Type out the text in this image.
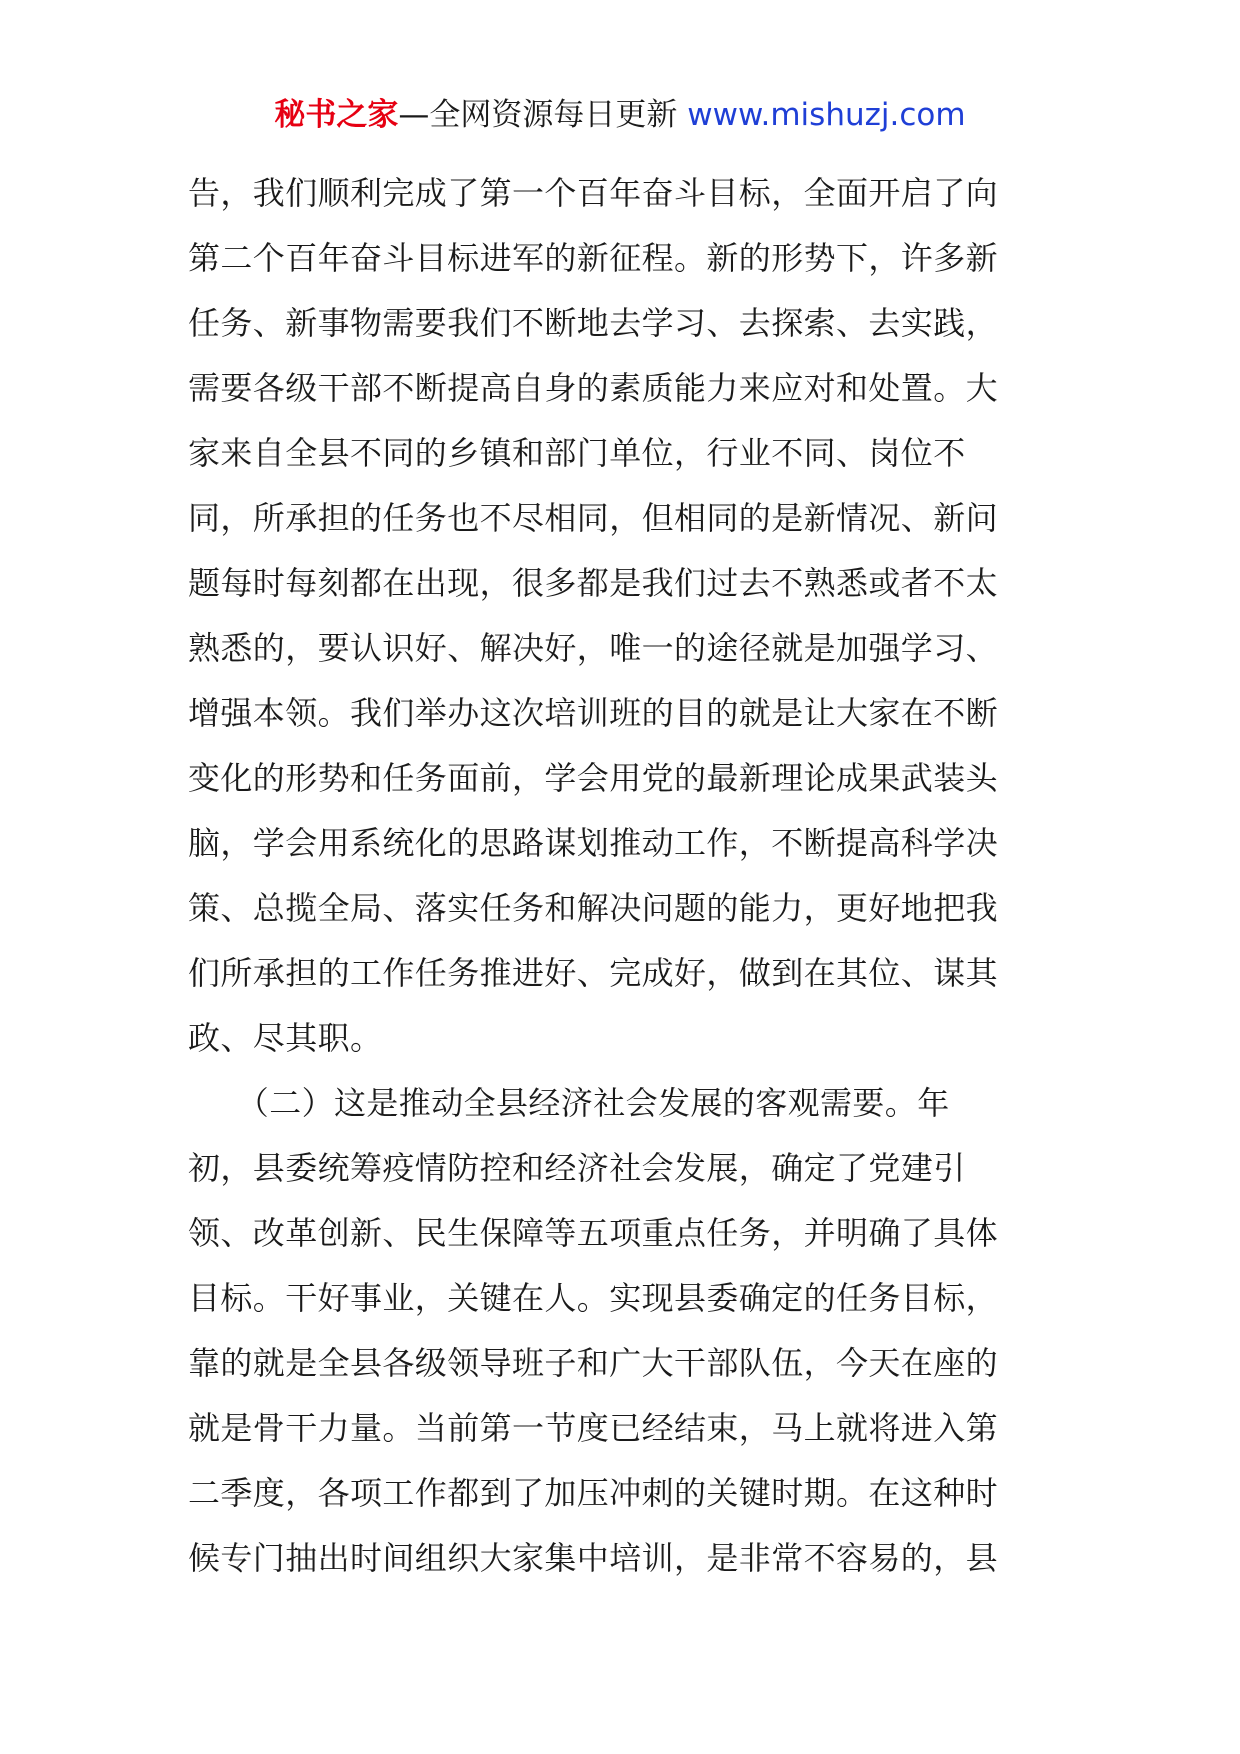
秘书之家—全网资源每日更新 www.mishuzj.com
告，我们顺利完成了第一个百年奋斗目标，全面开启了向
第二个百年奋斗目标进军的新征程。新的形势下，许多新
任务、新事物需要我们不断地去学习、去探索、去实践，
需要各级干部不断提高自身的素质能力来应对和处置。大
家来自全县不同的乡镇和部门单位，行业不同、岗位不
同，所承担的任务也不尽相同，但相同的是新情况、新问
题每时每刻都在出现，很多都是我们过去不熟悉或者不太
熟悉的，要认识好、解决好，唯一的途径就是加强学习、
增强本领。我们举办这次培训班的目的就是让大家在不断
变化的形势和任务面前，学会用党的最新理论成果武装头
脑，学会用系统化的思路谋划推动工作，不断提高科学决
策、总揽全局、落实任务和解决问题的能力，更好地把我
们所承担的工作任务推进好、完成好，做到在其位、谋其
政、尽其职。
　　（二）这是推动全县经济社会发展的客观需要。年
初，县委统筹疫情防控和经济社会发展，确定了党建引
领、改革创新、民生保障等五项重点任务，并明确了具体
目标。干好事业，关键在人。实现县委确定的任务目标，
靠的就是全县各级领导班子和广大干部队伍，今天在座的
就是骨干力量。当前第一节度已经结束，马上就将进入第
二季度，各项工作都到了加压冲刺的关键时期。在这种时
候专门抽出时间组织大家集中培训，是非常不容易的，县
